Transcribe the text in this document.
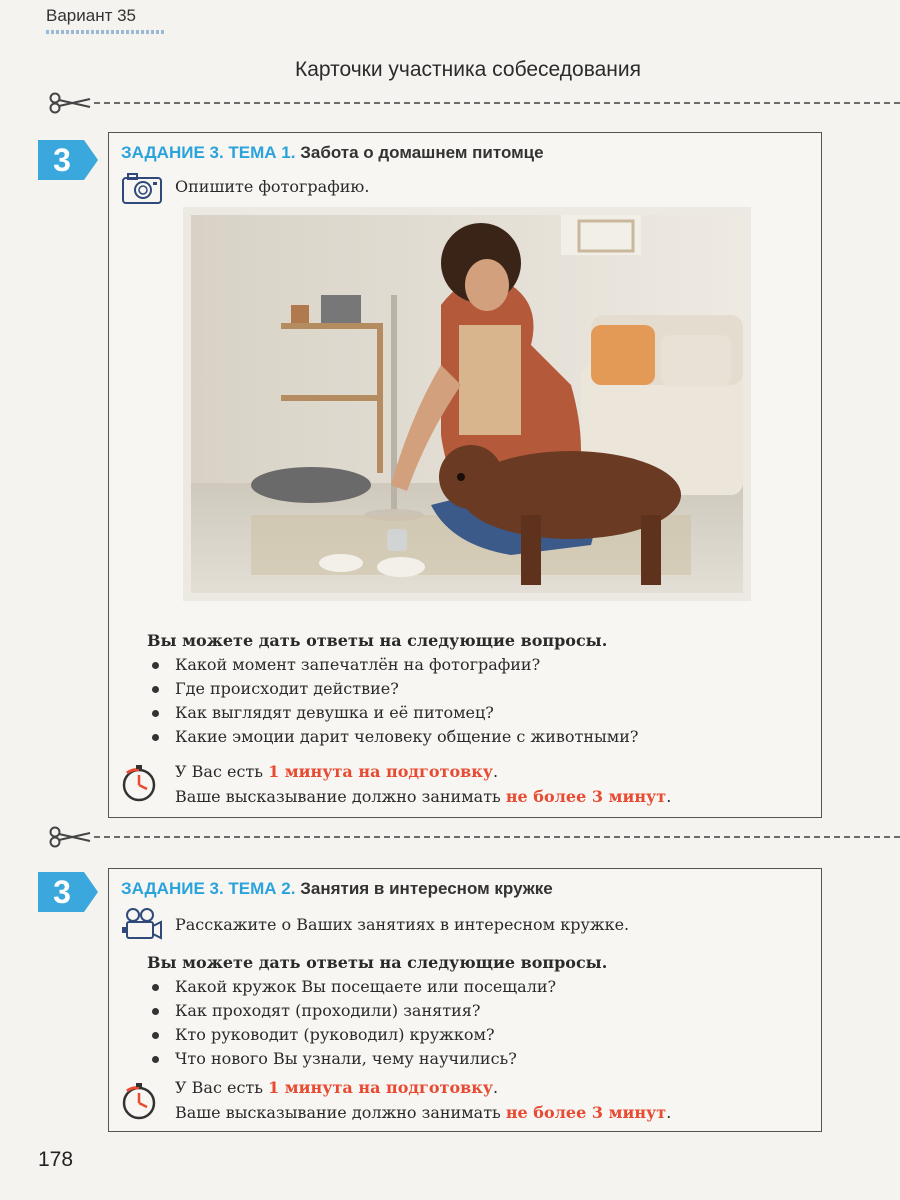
Вариант 35
Карточки участника собеседования
3	ЗАДАНИЕ 3. ТЕМА 1. Забота о домашнем питомце
Опишите фотографию.
Вы можете дать ответы на следующие вопросы.
Какой момент запечатлён на фотографии?
Где происходит действие?
Как выглядят девушка и её питомец?
Какие эмоции дарит человеку общение с животными?
У Вас есть 1 минута на подготовку.
Ваше высказывание должно занимать не более 3 минут.
3	ЗАДАНИЕ 3. ТЕМА 2. Занятия в интересном кружке
Расскажите о Ваших занятиях в интересном кружке.
Вы можете дать ответы на следующие вопросы.
Какой кружок Вы посещаете или посещали?
Как проходят (проходили) занятия?
Кто руководит (руководил) кружком?
Что нового Вы узнали, чему научились?
У Вас есть 1 минута на подготовку.
Ваше высказывание должно занимать не более 3 минут.
178
